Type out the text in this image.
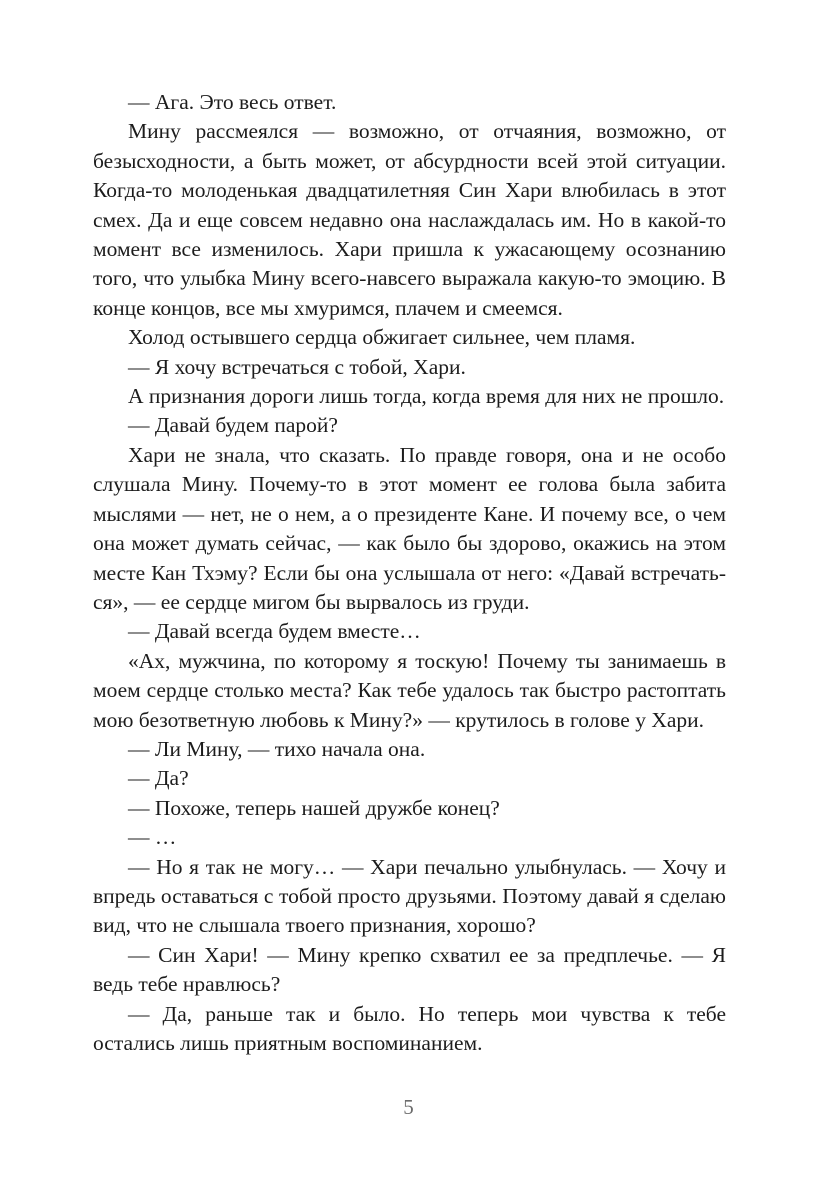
— Ага. Это весь ответ.

Мину рассмеялся — возможно, от отчаяния, возможно, от безысходности, а быть может, от абсурдности всей этой ситуации. Когда-то молоденькая двадцатилетняя Син Хари влюбилась в этот смех. Да и еще совсем недавно она наслаждалась им. Но в какой-то момент все изменилось. Хари пришла к ужасающему осознанию того, что улыбка Мину всего-навсего выражала какую-то эмоцию. В конце концов, все мы хмуримся, плачем и смеемся.

Холод остывшего сердца обжигает сильнее, чем пламя.

— Я хочу встречаться с тобой, Хари.

А признания дороги лишь тогда, когда время для них не прошло.

— Давай будем парой?

Хари не знала, что сказать. По правде говоря, она и не особо слушала Мину. Почему-то в этот момент ее голова была забита мыслями — нет, не о нем, а о президенте Кане. И почему все, о чем она может думать сейчас, — как было бы здорово, окажись на этом месте Кан Тхэму? Если бы она услышала от него: «Давай встречаться», — ее сердце мигом бы вырвалось из груди.

— Давай всегда будем вместе…

«Ах, мужчина, по которому я тоскую! Почему ты занимаешь в моем сердце столько места? Как тебе удалось так быстро растоптать мою безответную любовь к Мину?» — крутилось в голове у Хари.

— Ли Мину, — тихо начала она.

— Да?

— Похоже, теперь нашей дружбе конец?

— …

— Но я так не могу… — Хари печально улыбнулась. — Хочу и впредь оставаться с тобой просто друзьями. Поэтому давай я сделаю вид, что не слышала твоего признания, хорошо?

— Син Хари! — Мину крепко схватил ее за предплечье. — Я ведь тебе нравлюсь?

— Да, раньше так и было. Но теперь мои чувства к тебе остались лишь приятным воспоминанием.

5
